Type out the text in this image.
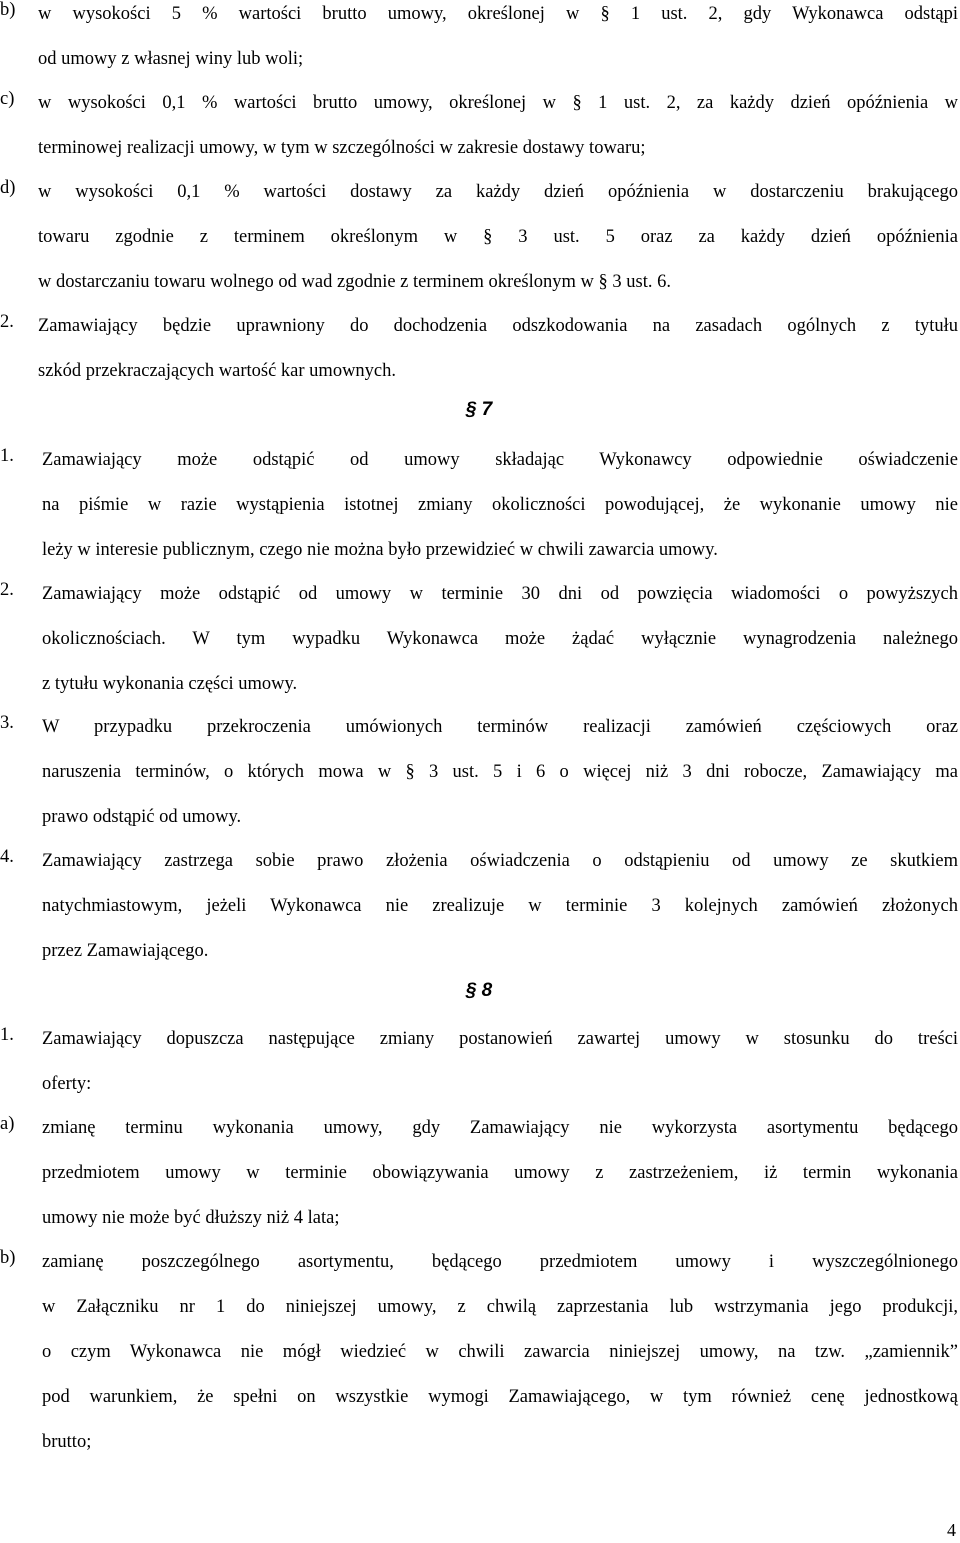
b) w wysokości 5 % wartości brutto umowy, określonej w § 1 ust. 2, gdy Wykonawca odstąpi
od umowy z własnej winy lub woli;
c) w wysokości 0,1 % wartości brutto umowy, określonej w § 1 ust. 2, za każdy dzień opóźnienia w
terminowej realizacji umowy, w tym w szczególności w zakresie dostawy towaru;
d) w wysokości 0,1 % wartości dostawy za każdy dzień opóźnienia w dostarczeniu brakującego
towaru zgodnie z terminem określonym w § 3 ust. 5 oraz za każdy dzień opóźnienia
w dostarczaniu towaru wolnego od wad zgodnie z terminem określonym w § 3 ust. 6.
2. Zamawiający będzie uprawniony do dochodzenia odszkodowania na zasadach ogólnych z tytułu
szkód przekraczających wartość kar umownych.
§ 7
1. Zamawiający może odstąpić od umowy składając Wykonawcy odpowiednie oświadczenie
na piśmie w razie wystąpienia istotnej zmiany okoliczności powodującej, że wykonanie umowy nie
leży w interesie publicznym, czego nie można było przewidzieć w chwili zawarcia umowy.
2. Zamawiający może odstąpić od umowy w terminie 30 dni od powzięcia wiadomości o powyższych
okolicznościach. W tym wypadku Wykonawca może żądać wyłącznie wynagrodzenia należnego
z tytułu wykonania części umowy.
3. W przypadku przekroczenia umówionych terminów realizacji zamówień częściowych oraz
naruszenia terminów, o których mowa w § 3 ust. 5 i 6 o więcej niż 3 dni robocze, Zamawiający ma
prawo odstąpić od umowy.
4. Zamawiający zastrzega sobie prawo złożenia oświadczenia o odstąpieniu od umowy ze skutkiem
natychmiastowym, jeżeli Wykonawca nie zrealizuje w terminie 3 kolejnych zamówień złożonych
przez Zamawiającego.
§ 8
1. Zamawiający dopuszcza następujące zmiany postanowień zawartej umowy w stosunku do treści
oferty:
a) zmianę terminu wykonania umowy, gdy Zamawiający nie wykorzysta asortymentu będącego
przedmiotem umowy w terminie obowiązywania umowy z zastrzeżeniem, iż termin wykonania
umowy nie może być dłuższy niż 4 lata;
b) zamianę poszczególnego asortymentu, będącego przedmiotem umowy i wyszczególnionego
w Załączniku nr 1 do niniejszej umowy, z chwilą zaprzestania lub wstrzymania jego produkcji,
o czym Wykonawca nie mógł wiedzieć w chwili zawarcia niniejszej umowy, na tzw. „zamiennik”
pod warunkiem, że spełni on wszystkie wymogi Zamawiającego, w tym również cenę jednostkową
brutto;
4
